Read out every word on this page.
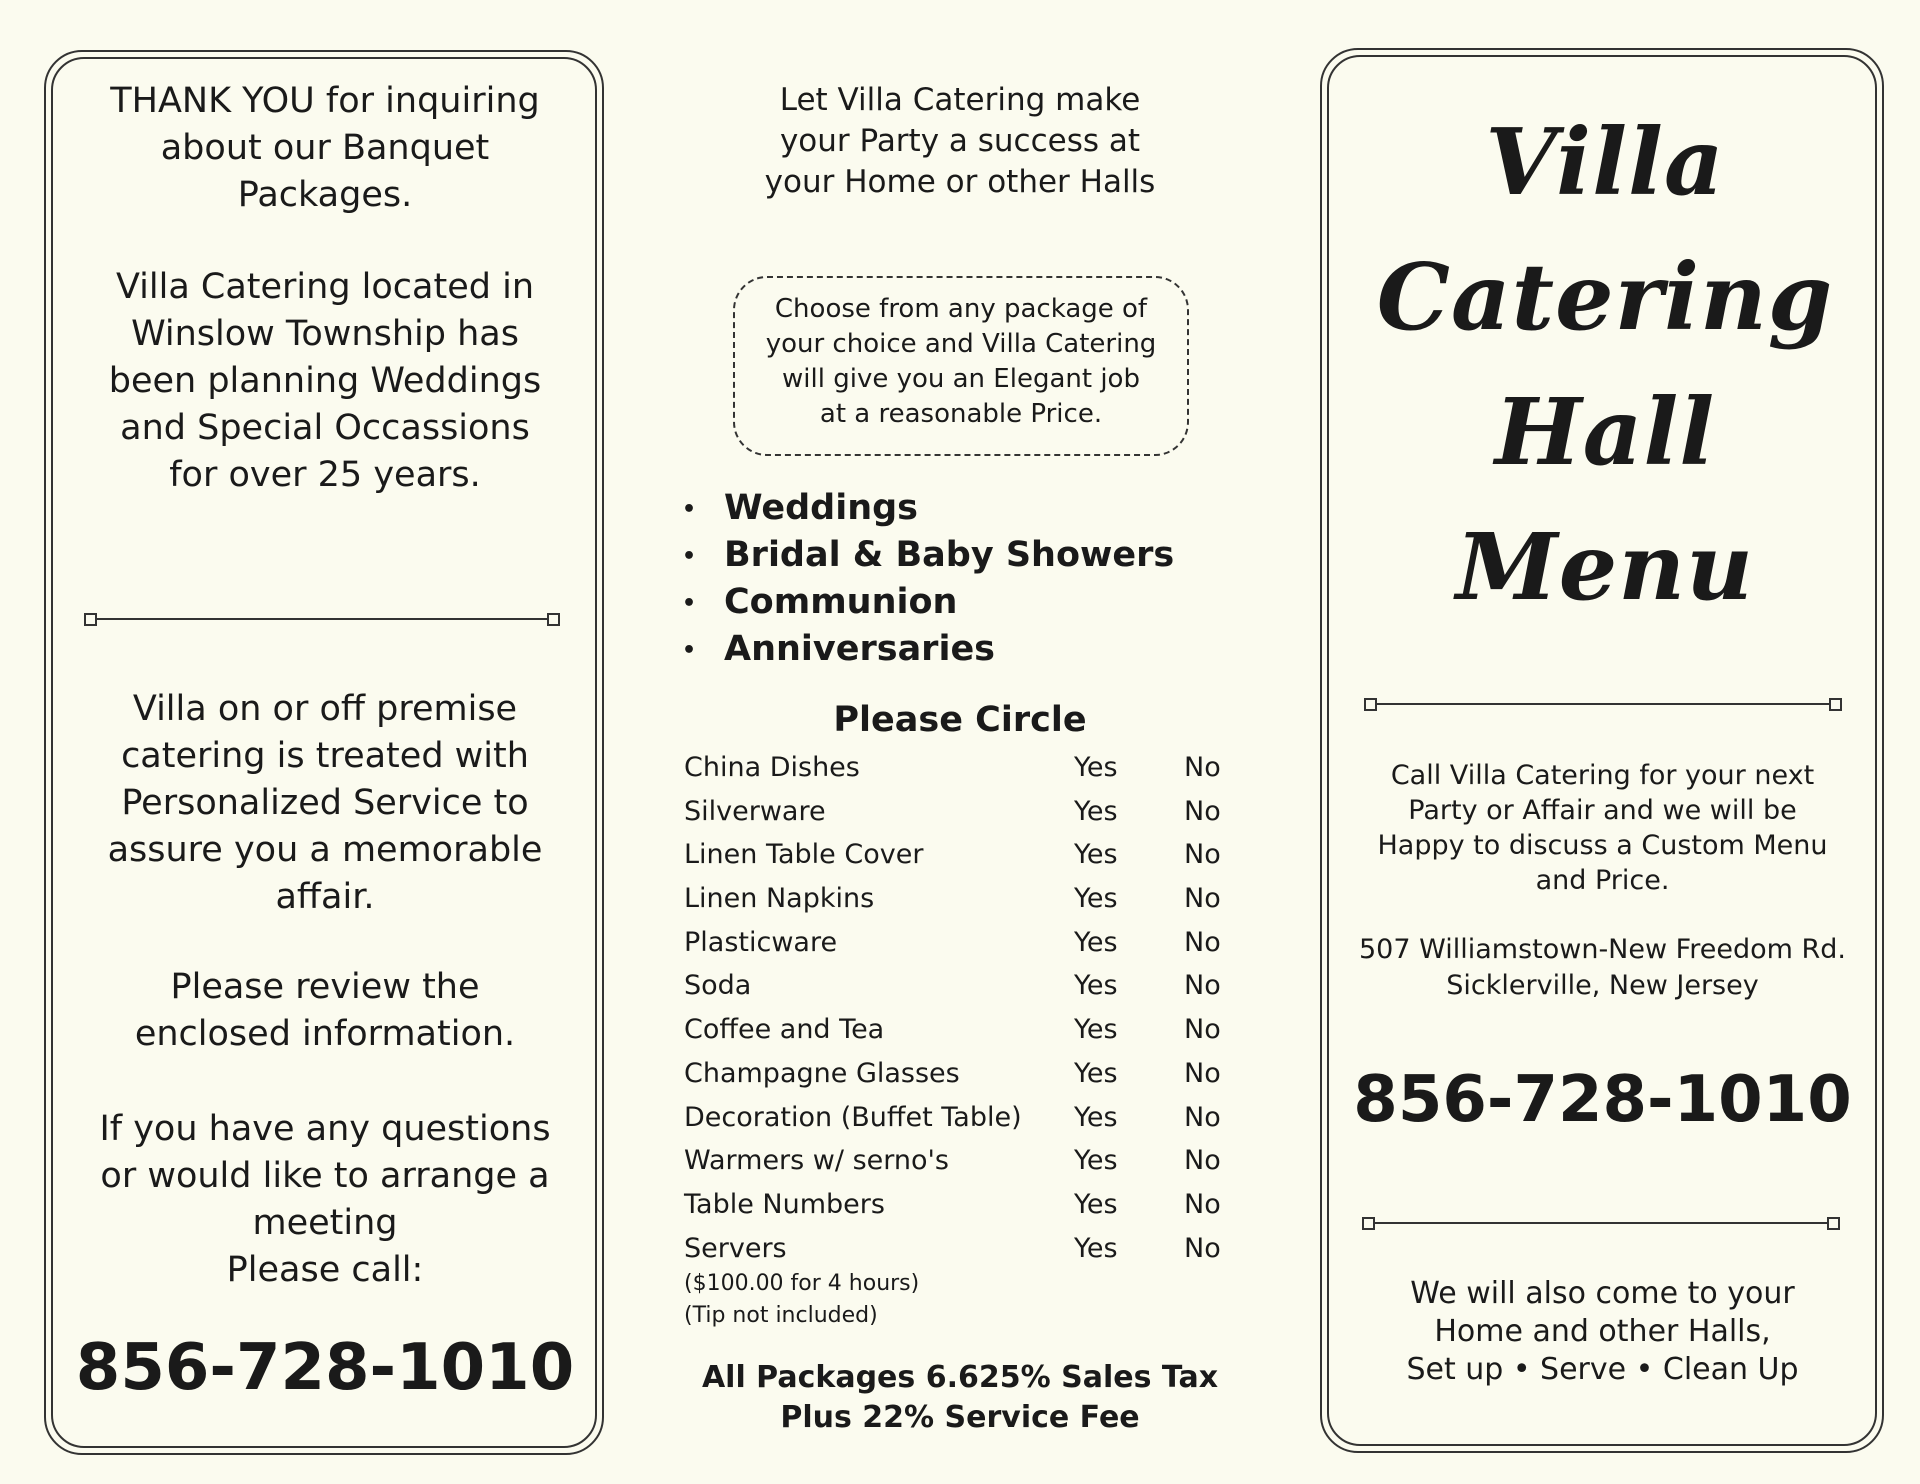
THANK YOU for inquiring
about our Banquet
Packages.
Villa Catering located in
Winslow Township has
been planning Weddings
and Special Occassions
for over 25 years.
Villa on or off premise
catering is treated with
Personalized Service to
assure you a memorable
affair.
Please review the
enclosed information.
If you have any questions
or would like to arrange a
meeting
Please call:
856-728-1010
Let Villa Catering make
your Party a success at
your Home or other Halls
Choose from any package of
your choice and Villa Catering
will give you an Elegant job
at a reasonable Price.
• Weddings
• Bridal & Baby Showers
• Communion
• Anniversaries
Please Circle
China Dishes	Yes No
Silverware	Yes No
Linen Table Cover	Yes No
Linen Napkins	Yes No
Plasticware	Yes No
Soda	Yes No
Coffee and Tea	Yes No
Champagne Glasses	Yes No
Decoration (Buffet Table) Yes No
Warmers w/ serno's	Yes No
Table Numbers	Yes No
Servers	Yes No
($100.00 for 4 hours)
(Tip not included)
All Packages 6.625% Sales Tax
Plus 22% Service Fee
Villa
Catering
Hall
Menu
Call Villa Catering for your next
Party or Affair and we will be
Happy to discuss a Custom Menu
and Price.
507 Williamstown-New Freedom Rd.
Sicklerville, New Jersey
856-728-1010
We will also come to your
Home and other Halls,
Set up • Serve • Clean Up
